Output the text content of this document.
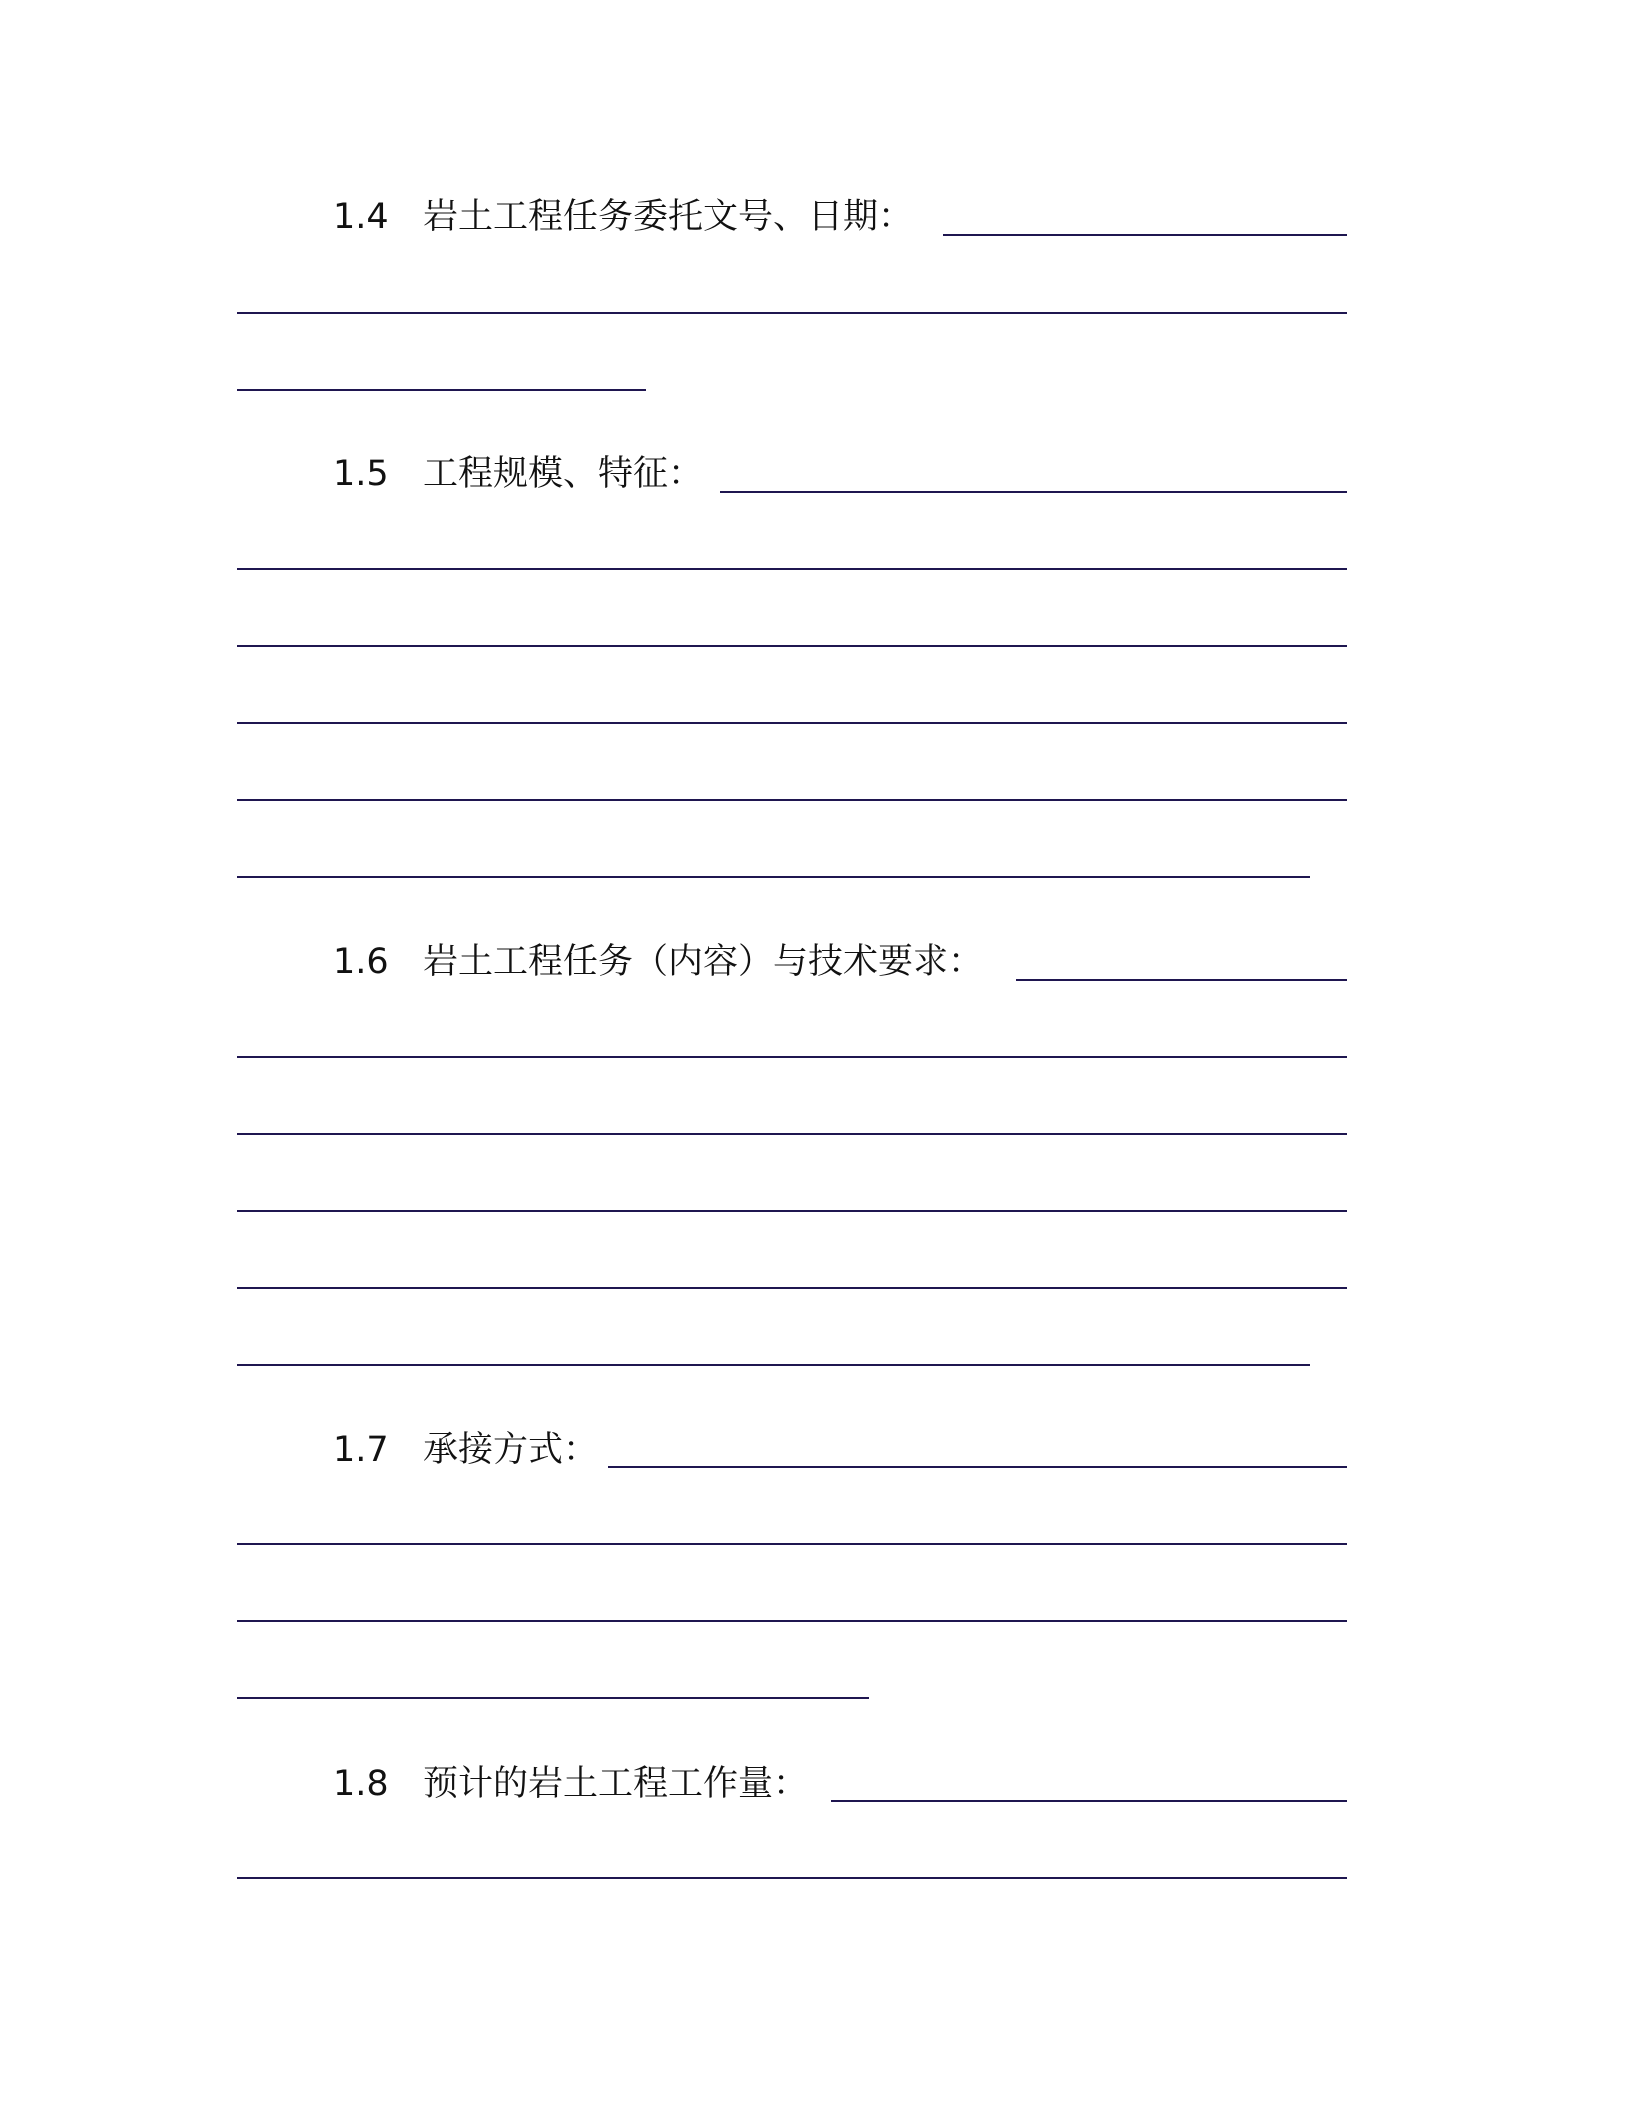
1.4 岩土工程任务委托文号、日期：
1.5 工程规模、特征：
1.6 岩土工程任务（内容）与技术要求：
1.7 承接方式：
1.8 预计的岩土工程工作量：
